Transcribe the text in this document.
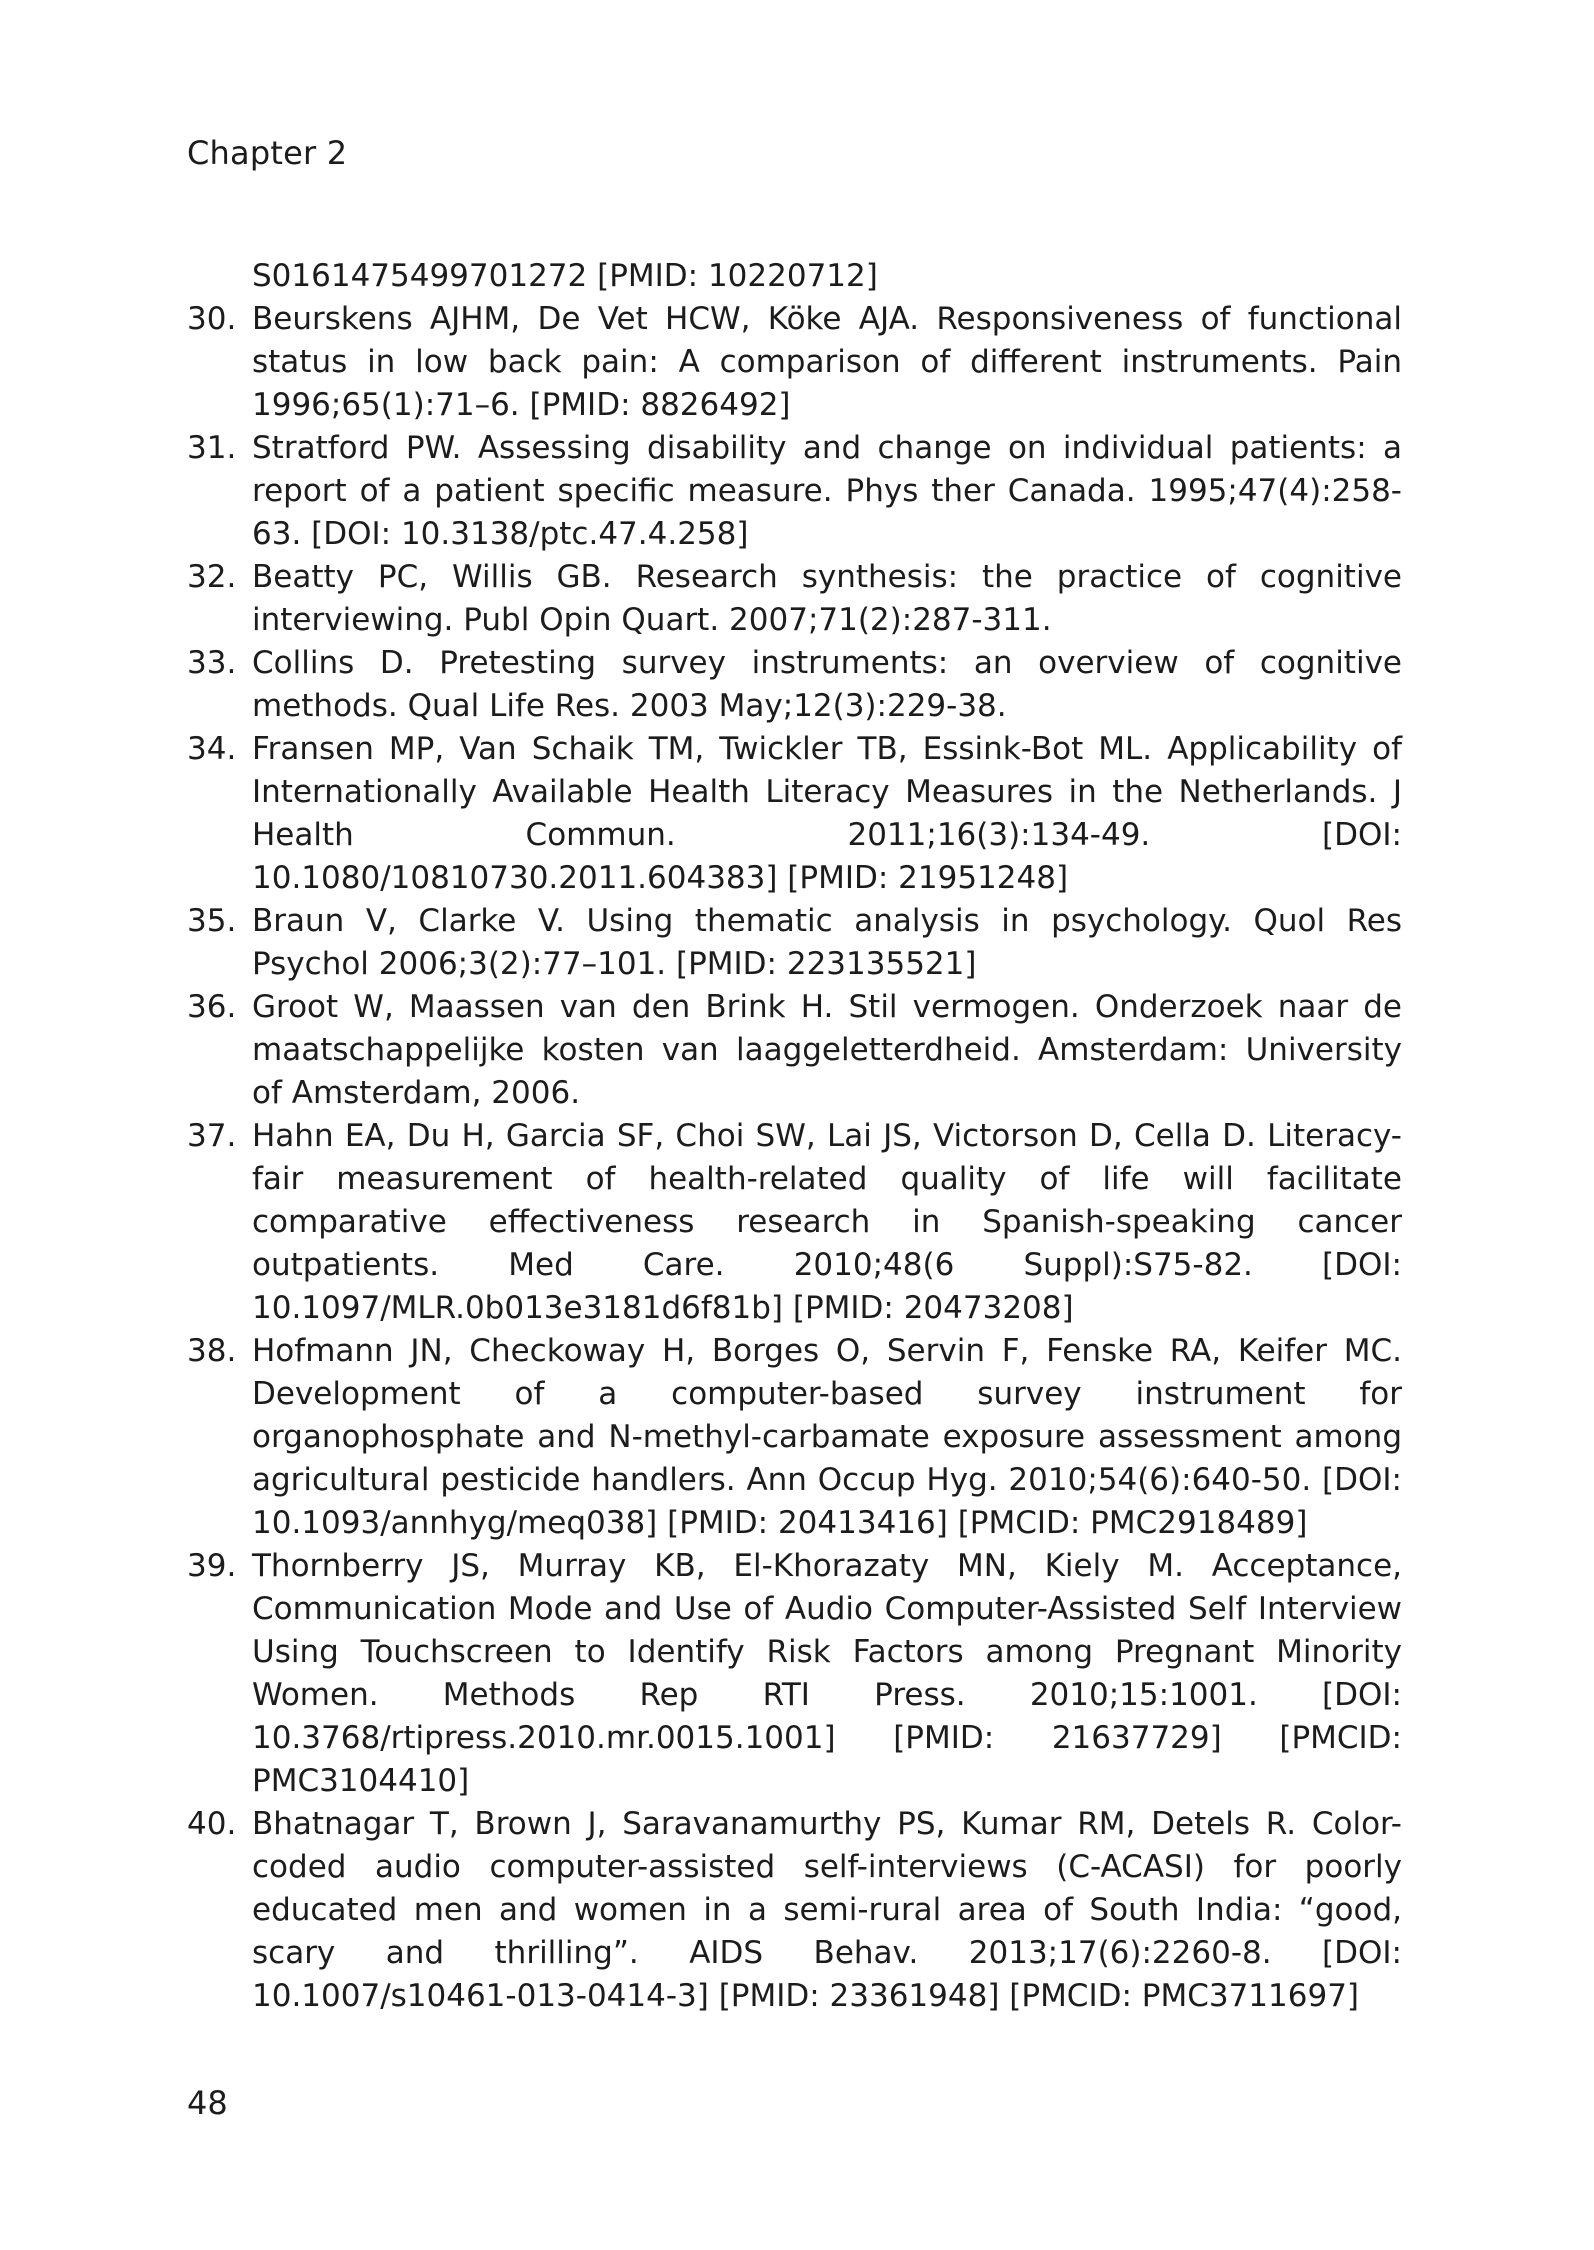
Chapter 2
S0161475499701272 [PMID: 10220712]
30. Beurskens AJHM, De Vet HCW, Köke AJA. Responsiveness of functional status in low back pain: A comparison of different instruments. Pain 1996;65(1):71–6. [PMID: 8826492]
31. Stratford PW. Assessing disability and change on individual patients: a report of a patient specific measure. Phys ther Canada. 1995;47(4):258-63. [DOI: 10.3138/ptc.47.4.258]
32. Beatty PC, Willis GB. Research synthesis: the practice of cognitive interviewing. Publ Opin Quart. 2007;71(2):287-311.
33. Collins D. Pretesting survey instruments: an overview of cognitive methods. Qual Life Res. 2003 May;12(3):229-38.
34. Fransen MP, Van Schaik TM, Twickler TB, Essink-Bot ML. Applicability of Internationally Available Health Literacy Measures in the Netherlands. J Health Commun. 2011;16(3):134-49. [DOI: 10.1080/10810730.2011.604383] [PMID: 21951248]
35. Braun V, Clarke V. Using thematic analysis in psychology. Quol Res Psychol 2006;3(2):77–101. [PMID: 223135521]
36. Groot W, Maassen van den Brink H. Stil vermogen. Onderzoek naar de maatschappelijke kosten van laaggeletterdheid. Amsterdam: University of Amsterdam, 2006.
37. Hahn EA, Du H, Garcia SF, Choi SW, Lai JS, Victorson D, Cella D. Literacy-fair measurement of health-related quality of life will facilitate comparative effectiveness research in Spanish-speaking cancer outpatients. Med Care. 2010;48(6 Suppl):S75-82. [DOI: 10.1097/MLR.0b013e3181d6f81b] [PMID: 20473208]
38. Hofmann JN, Checkoway H, Borges O, Servin F, Fenske RA, Keifer MC. Development of a computer-based survey instrument for organophosphate and N-methyl-carbamate exposure assessment among agricultural pesticide handlers. Ann Occup Hyg. 2010;54(6):640-50. [DOI: 10.1093/annhyg/meq038] [PMID: 20413416] [PMCID: PMC2918489]
39. Thornberry JS, Murray KB, El-Khorazaty MN, Kiely M. Acceptance, Communication Mode and Use of Audio Computer-Assisted Self Interview Using Touchscreen to Identify Risk Factors among Pregnant Minority Women. Methods Rep RTI Press. 2010;15:1001. [DOI: 10.3768/rtipress.2010.mr.0015.1001] [PMID: 21637729] [PMCID: PMC3104410]
40. Bhatnagar T, Brown J, Saravanamurthy PS, Kumar RM, Detels R. Color-coded audio computer-assisted self-interviews (C-ACASI) for poorly educated men and women in a semi-rural area of South India: “good, scary and thrilling”. AIDS Behav. 2013;17(6):2260-8. [DOI: 10.1007/s10461-013-0414-3] [PMID: 23361948] [PMCID: PMC3711697]
48
